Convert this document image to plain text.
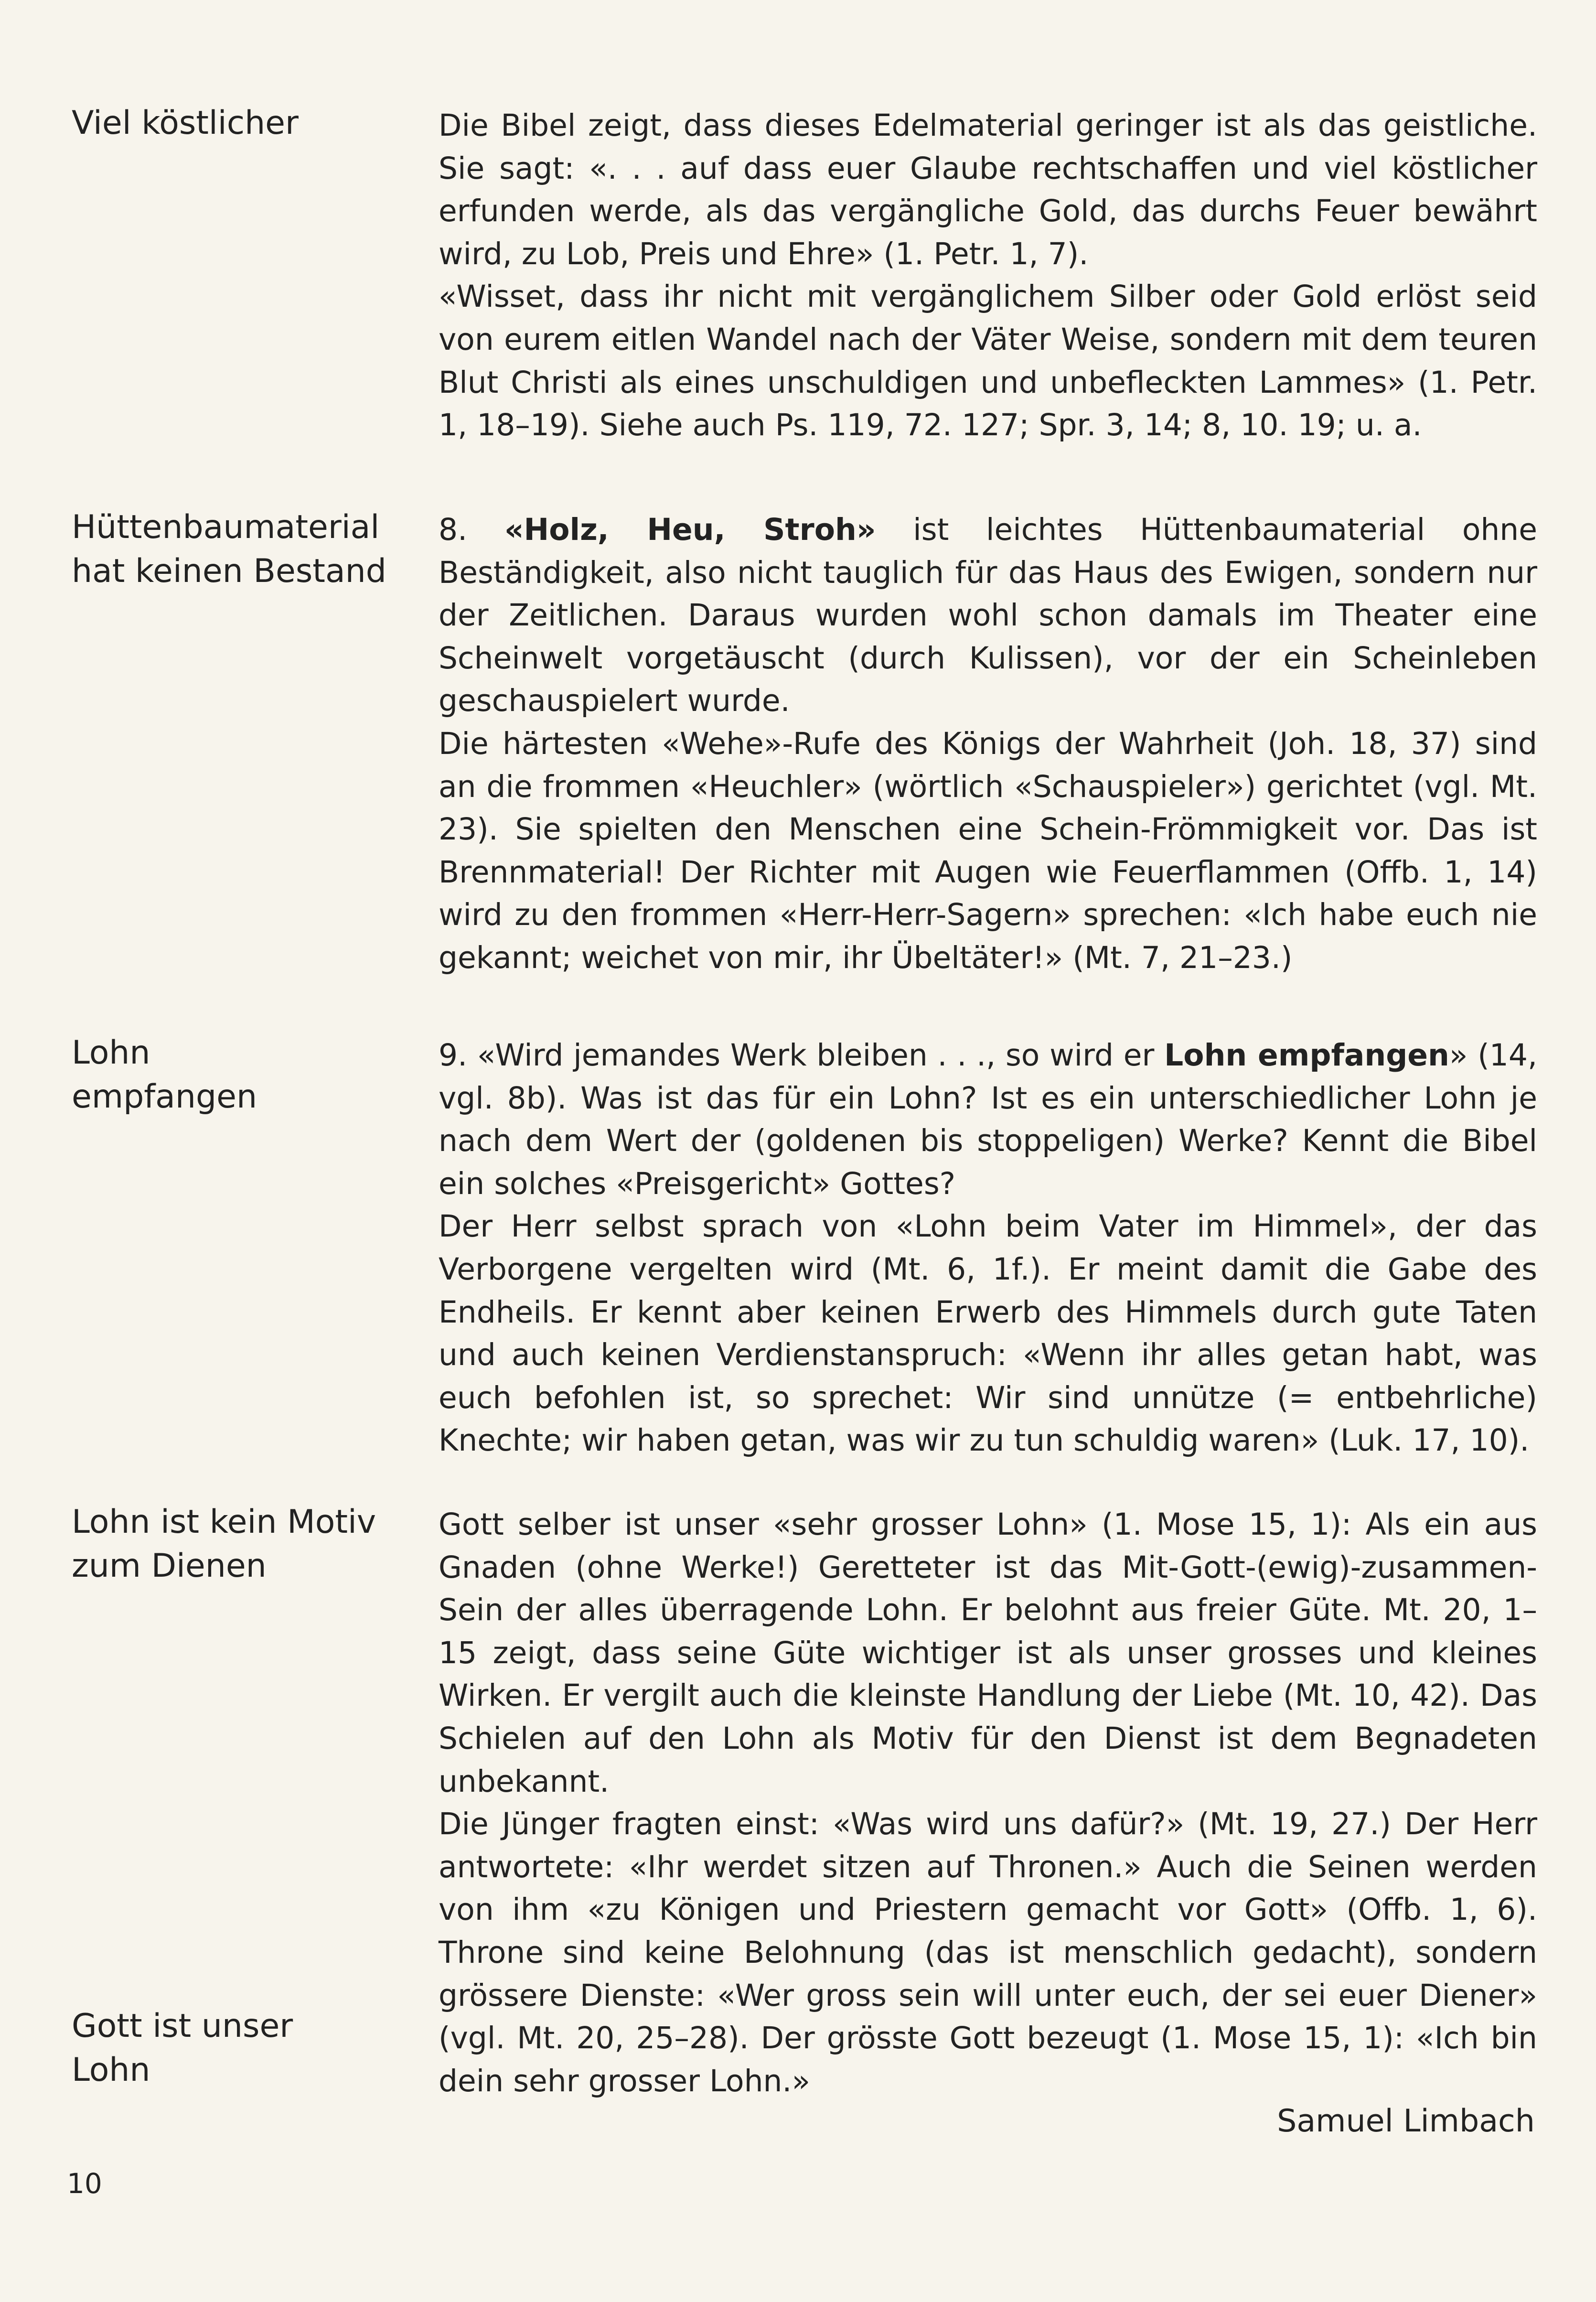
Viel köstlicher
Hüttenbaumaterial hat keinen Bestand
Lohn empfangen
Lohn ist kein Motiv zum Dienen
Gott ist unser Lohn

Die Bibel zeigt, dass dieses Edelmaterial geringer ist als das geistliche. Sie sagt: «. . . auf dass euer Glaube rechtschaffen und viel köstlicher erfunden werde, als das vergängliche Gold, das durchs Feuer bewährt wird, zu Lob, Preis und Ehre» (1. Petr. 1, 7).

«Wisset, dass ihr nicht mit vergänglichem Silber oder Gold erlöst seid von eurem eitlen Wandel nach der Väter Weise, sondern mit dem teuren Blut Christi als eines unschuldigen und unbefleckten Lammes» (1. Petr. 1, 18–19). Siehe auch Ps. 119, 72. 127; Spr. 3, 14; 8, 10. 19; u. a.

8. «Holz, Heu, Stroh» ist leichtes Hüttenbaumaterial ohne Beständigkeit, also nicht tauglich für das Haus des Ewigen, sondern nur der Zeitlichen. Daraus wurden wohl schon damals im Theater eine Scheinwelt vorgetäuscht (durch Kulissen), vor der ein Scheinleben geschauspielert wurde.

Die härtesten «Wehe»-Rufe des Königs der Wahrheit (Joh. 18, 37) sind an die frommen «Heuchler» (wörtlich «Schauspieler») gerichtet (vgl. Mt. 23). Sie spielten den Menschen eine Schein-Frömmigkeit vor. Das ist Brennmaterial! Der Richter mit Augen wie Feuerflammen (Offb. 1, 14) wird zu den frommen «Herr-Herr-Sagern» sprechen: «Ich habe euch nie gekannt; weichet von mir, ihr Übeltäter!» (Mt. 7, 21–23.)

9. «Wird jemandes Werk bleiben . . ., so wird er Lohn empfangen» (14, vgl. 8b). Was ist das für ein Lohn? Ist es ein unterschiedlicher Lohn je nach dem Wert der (goldenen bis stoppeligen) Werke? Kennt die Bibel ein solches «Preisgericht» Gottes?

Der Herr selbst sprach von «Lohn beim Vater im Himmel», der das Verborgene vergelten wird (Mt. 6, 1f.). Er meint damit die Gabe des Endheils. Er kennt aber keinen Erwerb des Himmels durch gute Taten und auch keinen Verdienstanspruch: «Wenn ihr alles getan habt, was euch befohlen ist, so sprechet: Wir sind unnütze (= entbehrliche) Knechte; wir haben getan, was wir zu tun schuldig waren» (Luk. 17, 10).

Gott selber ist unser «sehr grosser Lohn» (1. Mose 15, 1): Als ein aus Gnaden (ohne Werke!) Geretteter ist das Mit-Gott-(ewig)-zusammen-Sein der alles überragende Lohn. Er belohnt aus freier Güte. Mt. 20, 1–15 zeigt, dass seine Güte wichtiger ist als unser grosses und kleines Wirken. Er vergilt auch die kleinste Handlung der Liebe (Mt. 10, 42). Das Schielen auf den Lohn als Motiv für den Dienst ist dem Begnadeten unbekannt.

Die Jünger fragten einst: «Was wird uns dafür?» (Mt. 19, 27.) Der Herr antwortete: «Ihr werdet sitzen auf Thronen.» Auch die Seinen werden von ihm «zu Königen und Priestern gemacht vor Gott» (Offb. 1, 6). Throne sind keine Belohnung (das ist menschlich gedacht), sondern grössere Dienste: «Wer gross sein will unter euch, der sei euer Diener» (vgl. Mt. 20, 25–28). Der grösste Gott bezeugt (1. Mose 15, 1): «Ich bin dein sehr grosser Lohn.»

Samuel Limbach
10
